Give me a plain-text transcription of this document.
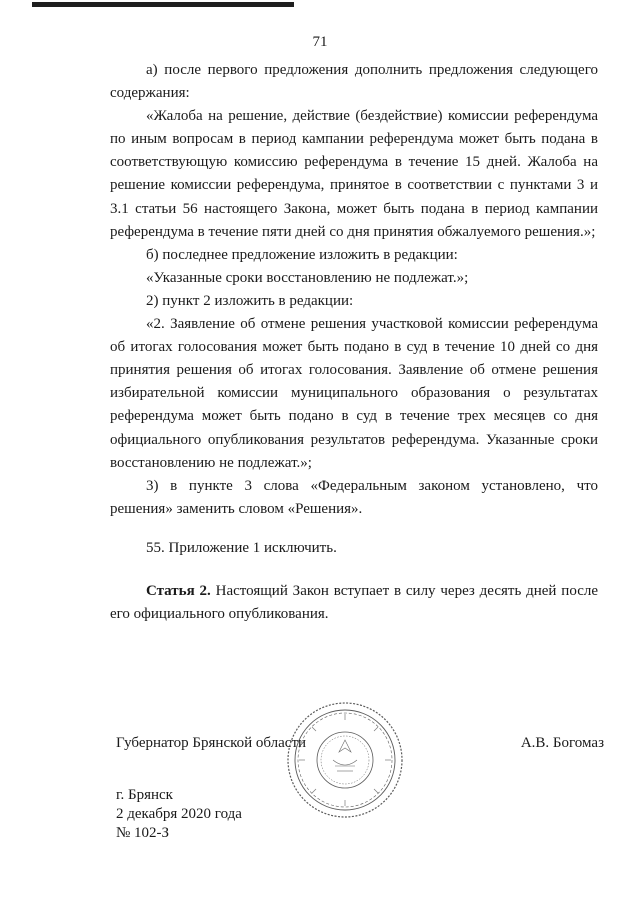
71

а) после первого предложения дополнить предложения следующего содержания:

«Жалоба на решение, действие (бездействие) комиссии референдума по иным вопросам в период кампании референдума может быть подана в соответствующую комиссию референдума в течение 15 дней. Жалоба на решение комиссии референдума, принятое в соответствии с пунктами 3 и 3.1 статьи 56 настоящего Закона, может быть подана в период кампании референдума в течение пяти дней со дня принятия обжалуемого решения.»;

б) последнее предложение изложить в редакции:

«Указанные сроки восстановлению не подлежат.»;

2) пункт 2 изложить в редакции:

«2. Заявление об отмене решения участковой комиссии референдума об итогах голосования может быть подано в суд в течение 10 дней со дня принятия решения об итогах голосования. Заявление об отмене решения избирательной комиссии муниципального образования о результатах референдума может быть подано в суд в течение трех месяцев со дня официального опубликования результатов референдума. Указанные сроки восстановлению не подлежат.»;

3) в пункте 3 слова «Федеральным законом установлено, что решения» заменить словом «Решения».

55. Приложение 1 исключить.

Статья 2. Настоящий Закон вступает в силу через десять дней после его официального опубликования.

Губернатор Брянской области	А.В. Богомаз
г. Брянск
2 декабря 2020 года
№ 102-З
